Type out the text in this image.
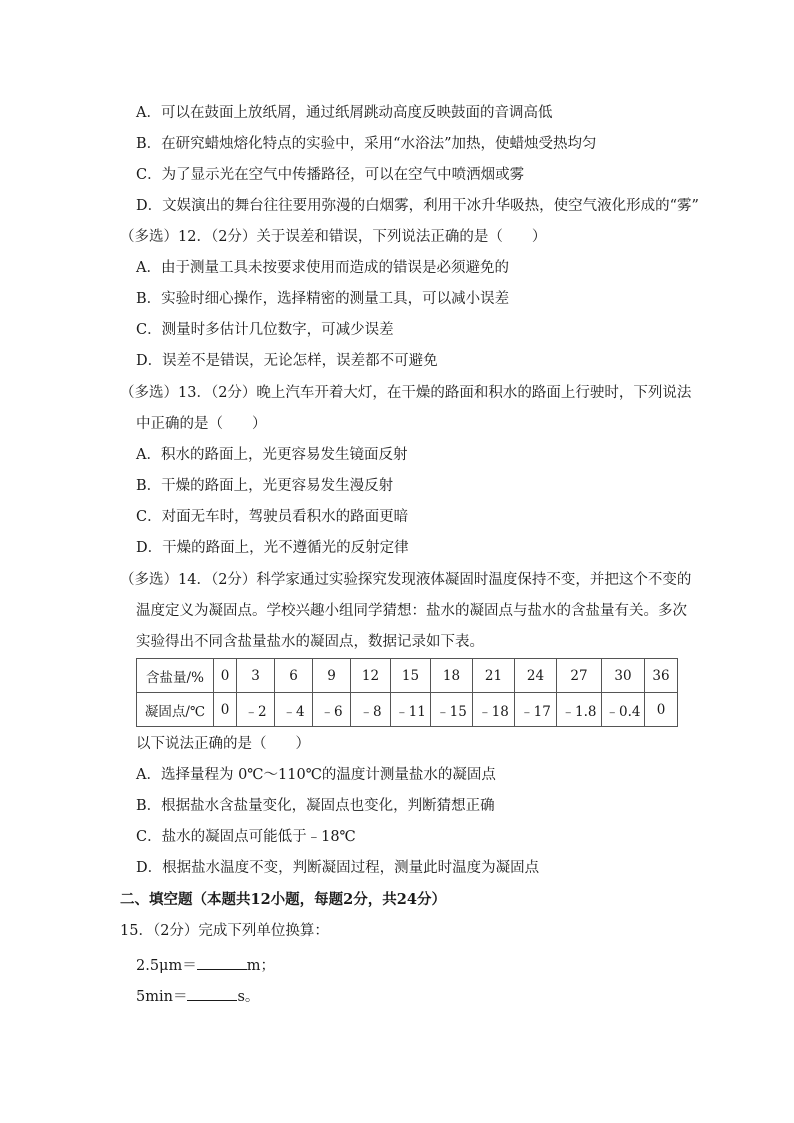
A．可以在鼓面上放纸屑，通过纸屑跳动高度反映鼓面的音调高低
B．在研究蜡烛熔化特点的实验中，采用“水浴法”加热，使蜡烛受热均匀
C．为了显示光在空气中传播路径，可以在空气中喷洒烟或雾
D．文娱演出的舞台往往要用弥漫的白烟雾，利用干冰升华吸热，使空气液化形成的“雾”
（多选）12．（2分）关于误差和错误，下列说法正确的是（　　）
A．由于测量工具未按要求使用而造成的错误是必须避免的
B．实验时细心操作，选择精密的测量工具，可以减小误差
C．测量时多估计几位数字，可减少误差
D．误差不是错误，无论怎样，误差都不可避免
（多选）13．（2分）晚上汽车开着大灯，在干燥的路面和积水的路面上行驶时，下列说法
中正确的是（　　）
A．积水的路面上，光更容易发生镜面反射
B．干燥的路面上，光更容易发生漫反射
C．对面无车时，驾驶员看积水的路面更暗
D．干燥的路面上，光不遵循光的反射定律
（多选）14．（2分）科学家通过实验探究发现液体凝固时温度保持不变，并把这个不变的
温度定义为凝固点。学校兴趣小组同学猜想：盐水的凝固点与盐水的含盐量有关。多次
实验得出不同含盐量盐水的凝固点，数据记录如下表。
含盐量/%	0	3	6	9	12	15	18	21	24	27	30	36
凝固点/℃	0	﹣2	﹣4	﹣6	﹣8	﹣11	﹣15	﹣18	﹣17	﹣1.8	﹣0.4	0
以下说法正确的是（　　）
A．选择量程为 0℃～110℃的温度计测量盐水的凝固点
B．根据盐水含盐量变化，凝固点也变化，判断猜想正确
C．盐水的凝固点可能低于﹣18℃
D．根据盐水温度不变，判断凝固过程，测量此时温度为凝固点
二、填空题（本题共12小题，每题2分，共24分）
15．（2分）完成下列单位换算：
2.5μm＝	m；
5min＝	s。
